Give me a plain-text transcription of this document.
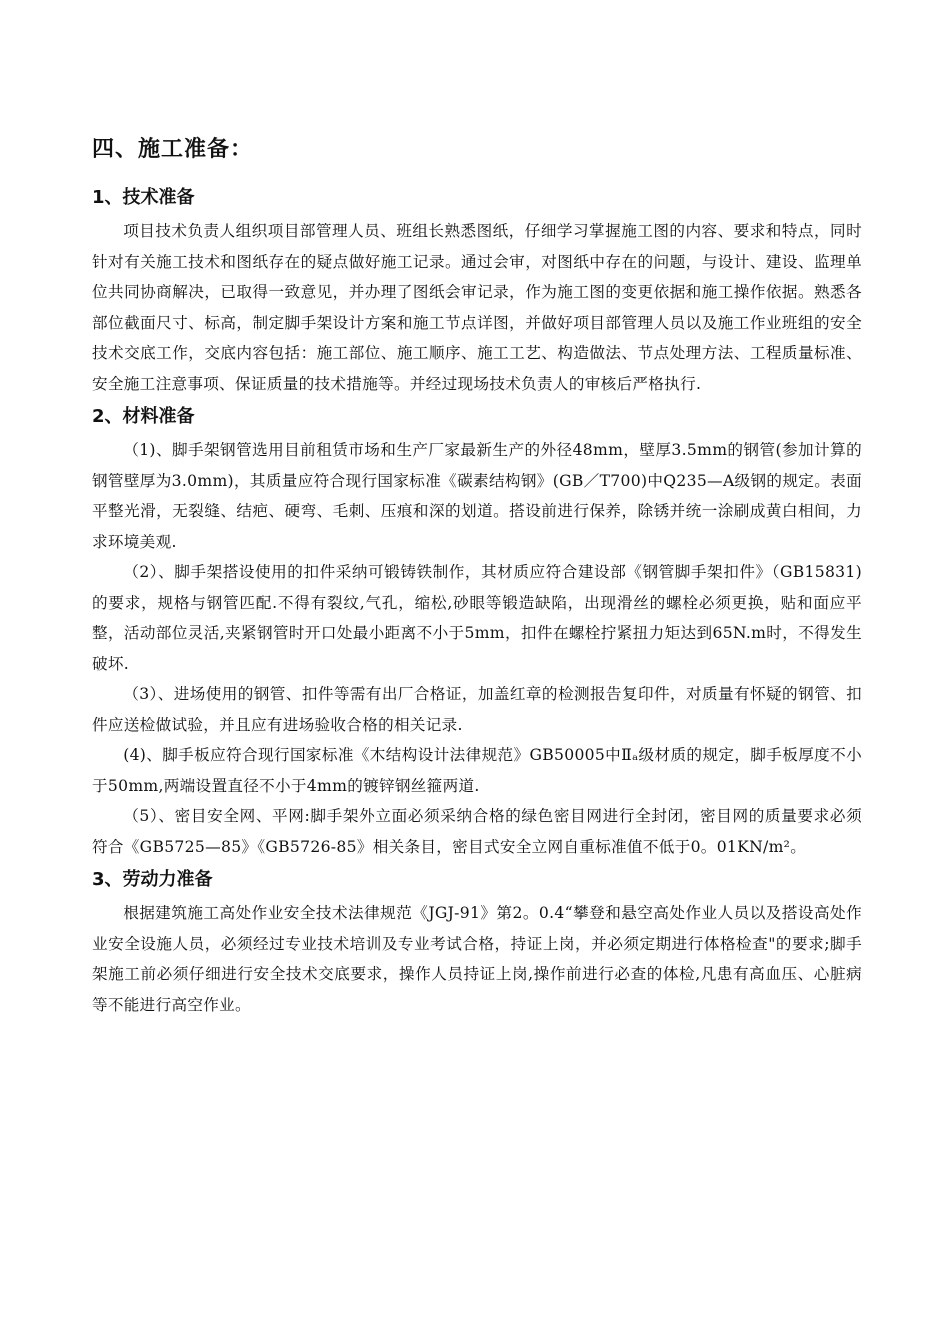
四、施工准备：
1、技术准备

项目技术负责人组织项目部管理人员、班组长熟悉图纸，仔细学习掌握施工图的内容、要求和特点，同时针对有关施工技术和图纸存在的疑点做好施工记录。通过会审，对图纸中存在的问题，与设计、建设、监理单位共同协商解决，已取得一致意见，并办理了图纸会审记录，作为施工图的变更依据和施工操作依据。熟悉各部位截面尺寸、标高，制定脚手架设计方案和施工节点详图，并做好项目部管理人员以及施工作业班组的安全技术交底工作，交底内容包括：施工部位、施工顺序、施工工艺、构造做法、节点处理方法、工程质量标准、安全施工注意事项、保证质量的技术措施等。并经过现场技术负责人的审核后严格执行.

2、材料准备

（1)、脚手架钢管选用目前租赁市场和生产厂家最新生产的外径48mm，壁厚3.5mm的钢管(参加计算的钢管壁厚为3.0mm)，其质量应符合现行国家标准《碳素结构钢》(GB／T700)中Q235—A级钢的规定。表面平整光滑，无裂缝、结疤、硬弯、毛刺、压痕和深的划道。搭设前进行保养，除锈并统一涂刷成黄白相间，力求环境美观.

（2）、脚手架搭设使用的扣件采纳可锻铸铁制作，其材质应符合建设部《钢管脚手架扣件》（GB15831)的要求，规格与钢管匹配.不得有裂纹,气孔，缩松,砂眼等锻造缺陷，出现滑丝的螺栓必须更换，贴和面应平整，活动部位灵活,夹紧钢管时开口处最小距离不小于5mm，扣件在螺栓拧紧扭力矩达到65N.m时，不得发生破坏.

（3）、进场使用的钢管、扣件等需有出厂合格证，加盖红章的检测报告复印件，对质量有怀疑的钢管、扣件应送检做试验，并且应有进场验收合格的相关记录.

(4)、脚手板应符合现行国家标准《木结构设计法律规范》GB50005中Ⅱₐ级材质的规定，脚手板厚度不小于50mm,两端设置直径不小于4mm的镀锌钢丝箍两道.

（5）、密目安全网、平网:脚手架外立面必须采纳合格的绿色密目网进行全封闭，密目网的质量要求必须符合《GB5725—85》《GB5726-85》相关条目，密目式安全立网自重标准值不低于0。01KN/m²。

3、劳动力准备

根据建筑施工高处作业安全技术法律规范《JGJ-91》第2。0.4“攀登和悬空高处作业人员以及搭设高处作业安全设施人员，必须经过专业技术培训及专业考试合格，持证上岗，并必须定期进行体格检查"的要求;脚手架施工前必须仔细进行安全技术交底要求，操作人员持证上岗,操作前进行必查的体检,凡患有高血压、心脏病等不能进行高空作业。
